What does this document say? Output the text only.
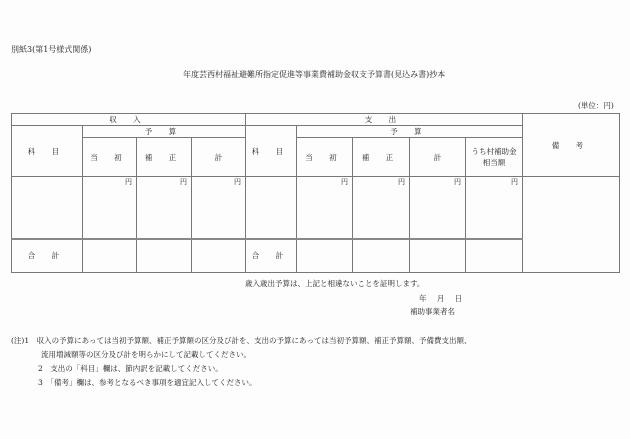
別紙3(第1号様式関係)
年度芸西村福祉避難所指定促進等事業費補助金収支予算書(見込み書)抄本
(単位：円)
収 入				支 出					備 考
科 目	予 算			科 目	予 算				
	当 初	補 正	計		当 初	補 正	計	うち村補助金相当額	
	円	円	円		円	円	円	円	
合 計				合 計					
歳入歳出予算は、上記と相違ないことを証明します。
年 月 日
補助事業者名
(注)1　収入の予算にあっては当初予算額、補正予算額の区分及び計を、支出の予算にあっては当初予算額、補正予算額、予備費支出額、
流用増減額等の区分及び計を明らかにして記載してください。
2　支出の「科目」欄は、節内訳を記載してください。
3　「備考」欄は、参考となるべき事項を適宜記入してください。
